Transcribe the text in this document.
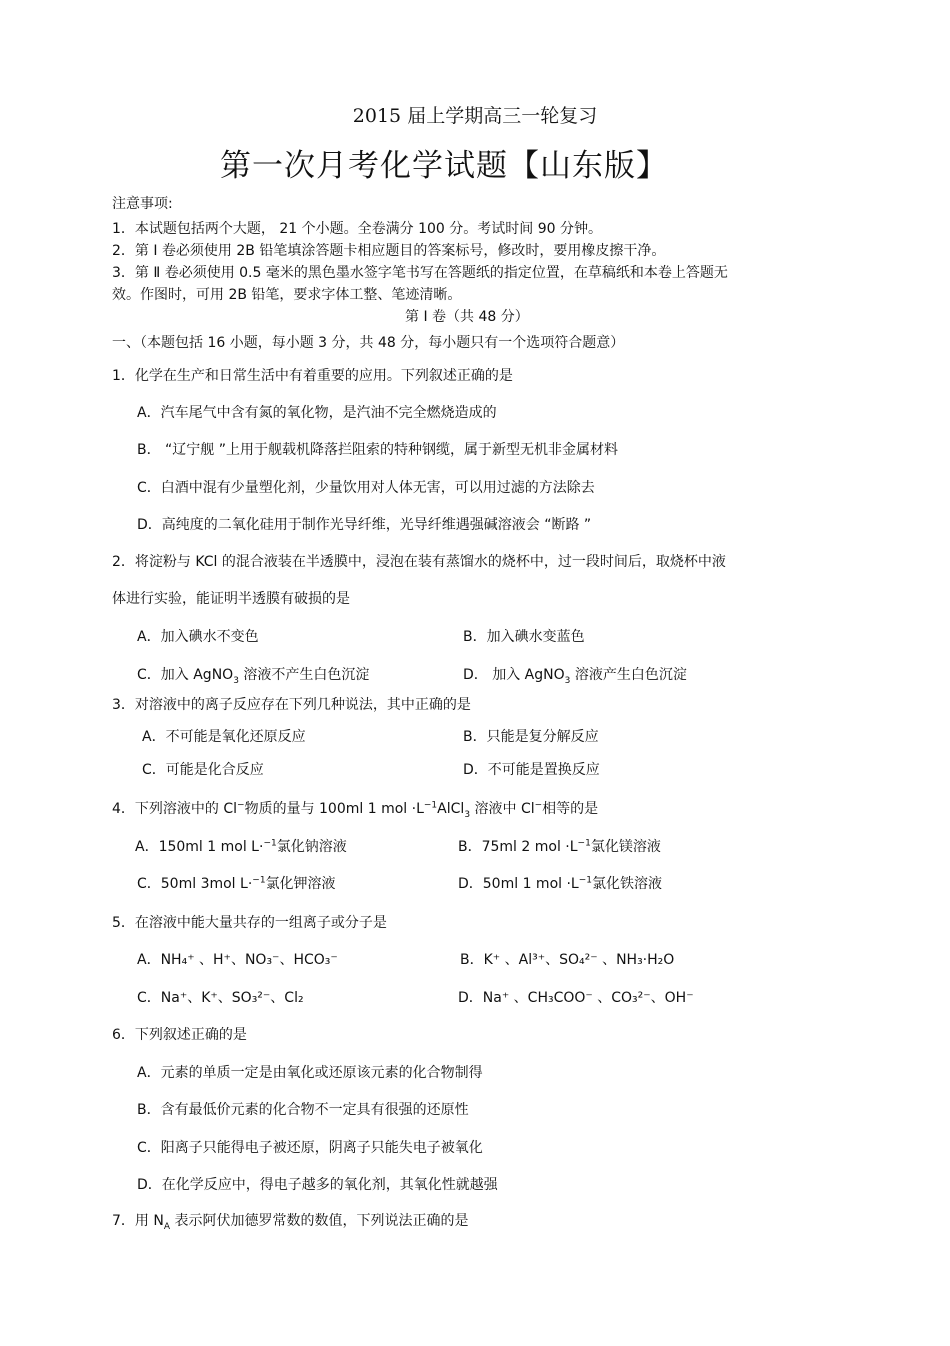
2015 届上学期高三一轮复习
第一次月考化学试题【山东版】
注意事项:
1．本试题包括两个大题， 21 个小题。全卷满分 100 分。考试时间 90 分钟。
2．第 Ⅰ 卷必须使用 2B 铅笔填涂答题卡相应题目的答案标号，修改时，要用橡皮擦干净。
3．第 Ⅱ 卷必须使用 0.5 毫米的黑色墨水签字笔书写在答题纸的指定位置，在草稿纸和本卷上答题无
效。作图时，可用 2B 铅笔，要求字体工整、笔迹清晰。
第 Ⅰ 卷（共 48 分）
一、（本题包括 16 小题，每小题 3 分，共 48 分，每小题只有一个选项符合题意）
1．化学在生产和日常生活中有着重要的应用。下列叙述正确的是
A．汽车尾气中含有氮的氧化物，是汽油不完全燃烧造成的
B． “辽宁舰 ”上用于舰载机降落拦阻索的特种钢缆，属于新型无机非金属材料
C．白酒中混有少量塑化剂，少量饮用对人体无害，可以用过滤的方法除去
D．高纯度的二氧化硅用于制作光导纤维，光导纤维遇强碱溶液会 “断路 ”
2．将淀粉与 KCl 的混合液装在半透膜中，浸泡在装有蒸馏水的烧杯中，过一段时间后，取烧杯中液
体进行实验，能证明半透膜有破损的是
A．加入碘水不变色	B．加入碘水变蓝色
C．加入 AgNO$_3$ 溶液不产生白色沉淀	D． 加入 AgNO$_3$ 溶液产生白色沉淀
3．对溶液中的离子反应存在下列几种说法，其中正确的是
A．不可能是氧化还原反应	B．只能是复分解反应
C．可能是化合反应	D．不可能是置换反应
4．下列溶液中的 Cl−物质的量与 100ml 1 mol $\cdot L^{-1}AlCl_3$ 溶液中 Cl−相等的是
A．150ml 1 mol L·$^{-1}$氯化钠溶液	B．75ml 2 mol $\cdot L^{-1}$氯化镁溶液
C．50ml 3mol L·$^{-1}$氯化钾溶液	D．50ml 1 mol $\cdot L^{-1}$氯化铁溶液
5．在溶液中能大量共存的一组离子或分子是
A．NH₄⁺ 、H⁺、NO₃⁻、HCO₃⁻	B．K⁺ 、Al³⁺、SO₄²⁻ 、NH₃·H₂O
C．Na⁺、K⁺、SO₃²⁻、Cl₂	D．Na⁺ 、CH₃COO⁻ 、CO₃²⁻、OH⁻
6．下列叙述正确的是
A．元素的单质一定是由氧化或还原该元素的化合物制得
B．含有最低价元素的化合物不一定具有很强的还原性
C．阳离子只能得电子被还原，阴离子只能失电子被氧化
D．在化学反应中，得电子越多的氧化剂，其氧化性就越强
7．用 $N_A$ 表示阿伏加德罗常数的数值，下列说法正确的是
